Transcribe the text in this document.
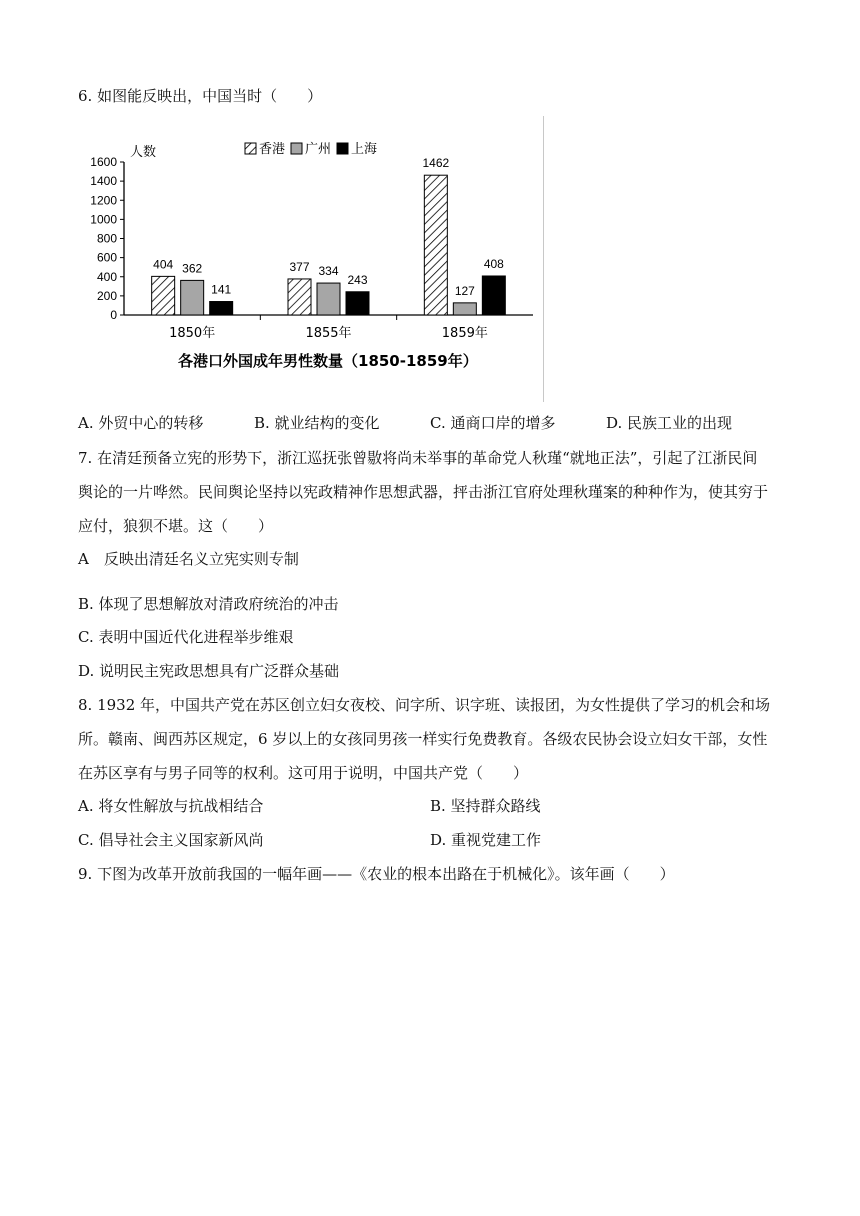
6. 如图能反映出，中国当时（　　）
0
200
400
600
800
1000
1200
1400
1600
1850年	1855年	1859年
404 362
141
377 334
243
1462
127
408
香港 广州 上海
人数
各港口外国成年男性数量（1850-1859年）
A. 外贸中心的转移	B. 就业结构的变化	C. 通商口岸的增多	D. 民族工业的出现
7. 在清廷预备立宪的形势下，浙江巡抚张曾敭将尚未举事的革命党人秋瑾“就地正法”，引起了江浙民间
舆论的一片哗然。民间舆论坚持以宪政精神作思想武器，抨击浙江官府处理秋瑾案的种种作为，使其穷于
应付，狼狈不堪。这（　　）
A　反映出清廷名义立宪实则专制
B. 体现了思想解放对清政府统治的冲击
C. 表明中国近代化进程举步维艰
D. 说明民主宪政思想具有广泛群众基础
8. 1932 年，中国共产党在苏区创立妇女夜校、问字所、识字班、读报团，为女性提供了学习的机会和场
所。赣南、闽西苏区规定，6 岁以上的女孩同男孩一样实行免费教育。各级农民协会设立妇女干部，女性
在苏区享有与男子同等的权利。这可用于说明，中国共产党（　　）
A. 将女性解放与抗战相结合	B. 坚持群众路线
C. 倡导社会主义国家新风尚	D. 重视党建工作
9. 下图为改革开放前我国的一幅年画——《农业的根本出路在于机械化》。该年画（　　）
